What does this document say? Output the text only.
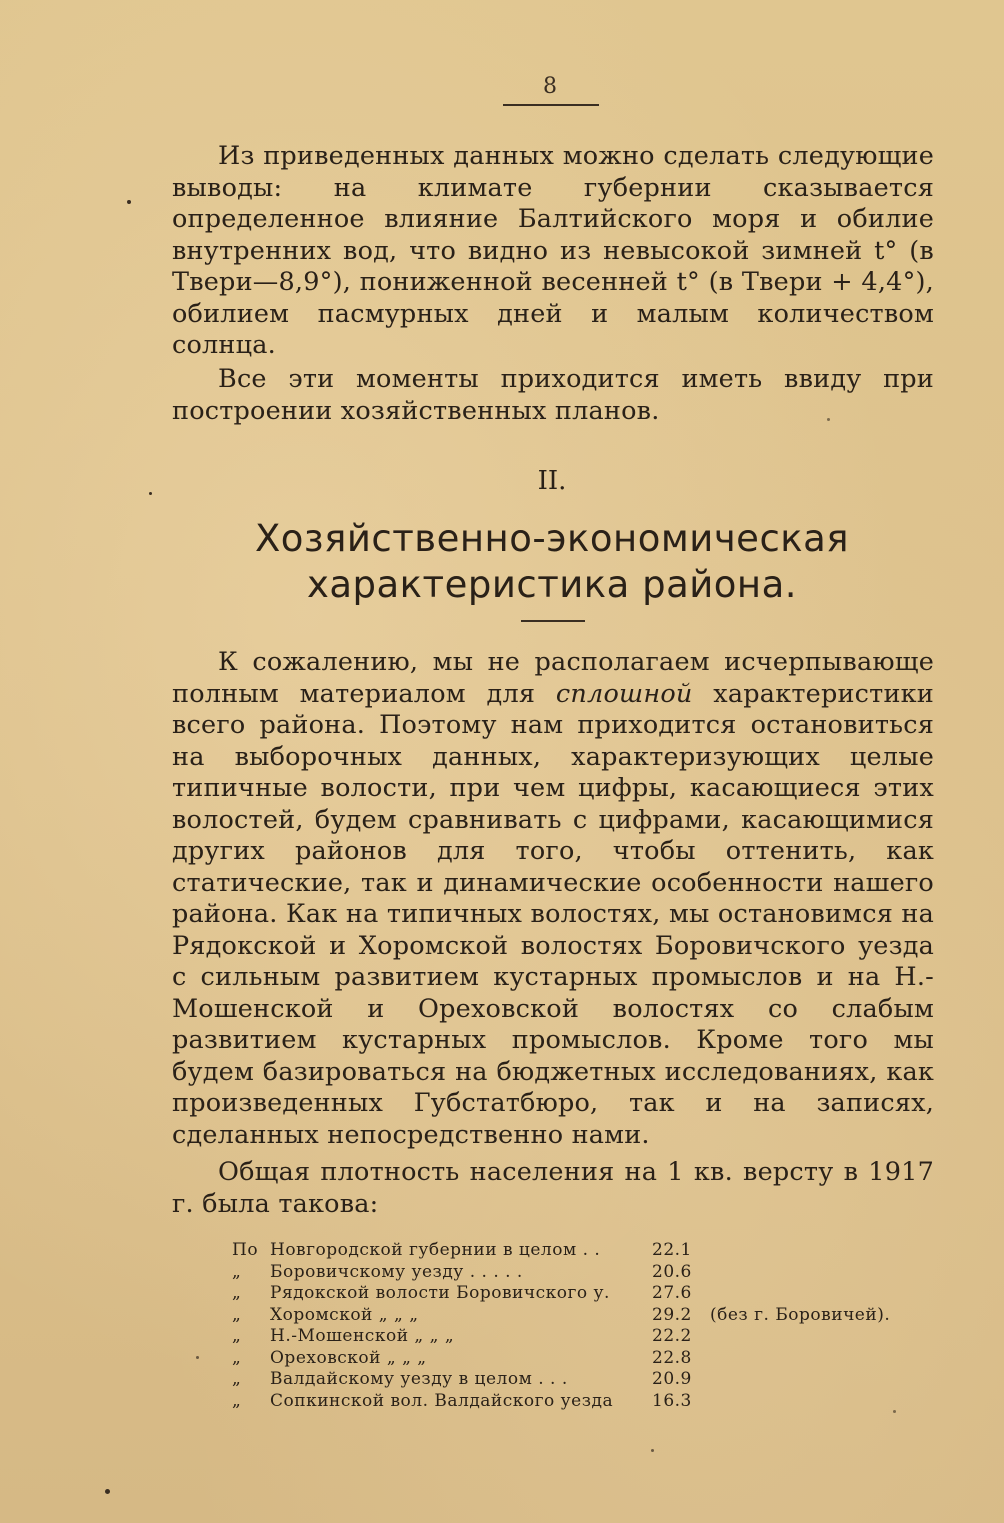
8

Из приведенных данных можно сделать следующие выводы: на климате губернии сказывается определенное влияние Балтийского моря и обилие внутренних вод, что видно из невысокой зимней t° (в Твери—8,9°), пониженной весенней t° (в Твери + 4,4°), обилием пасмурных дней и малым количеством солнца.

Все эти моменты приходится иметь ввиду при построении хозяйственных планов.

II.
Хозяйственно-экономическая характеристика района.

К сожалению, мы не располагаем исчерпывающе полным материалом для сплошной характеристики всего района. Поэтому нам приходится остановиться на выборочных данных, характеризующих целые типичные волости, при чем цифры, касающиеся этих волостей, будем сравнивать с цифрами, касающимися других районов для того, чтобы оттенить, как статические, так и динамические особенности нашего района. Как на типичных волостях, мы остановимся на Рядокской и Хоромской волостях Боровичского уезда с сильным развитием кустарных промыслов и на Н.-Мошенской и Ореховской волостях со слабым развитием кустарных промыслов. Кроме того мы будем базироваться на бюджетных исследованиях, как произведенных Губстатбюро, так и на записях, сделанных непосредственно нами.

Общая плотность населения на 1 кв. версту в 1917 г. была такова:

По	Новгородской губернии в целом . .	22.1	
„	Боровичскому уезду . . . . .	20.6	
„	Рядокской волости Боровичского у.	27.6	
„	Хоромской „ „ „	29.2	(без г. Боровичей).
„	Н.-Мошенской „ „ „	22.2	
„	Ореховской „ „ „	22.8	
„	Валдайскому уезду в целом . . .	20.9	
„	Сопкинской вол. Валдайского уезда	16.3	
